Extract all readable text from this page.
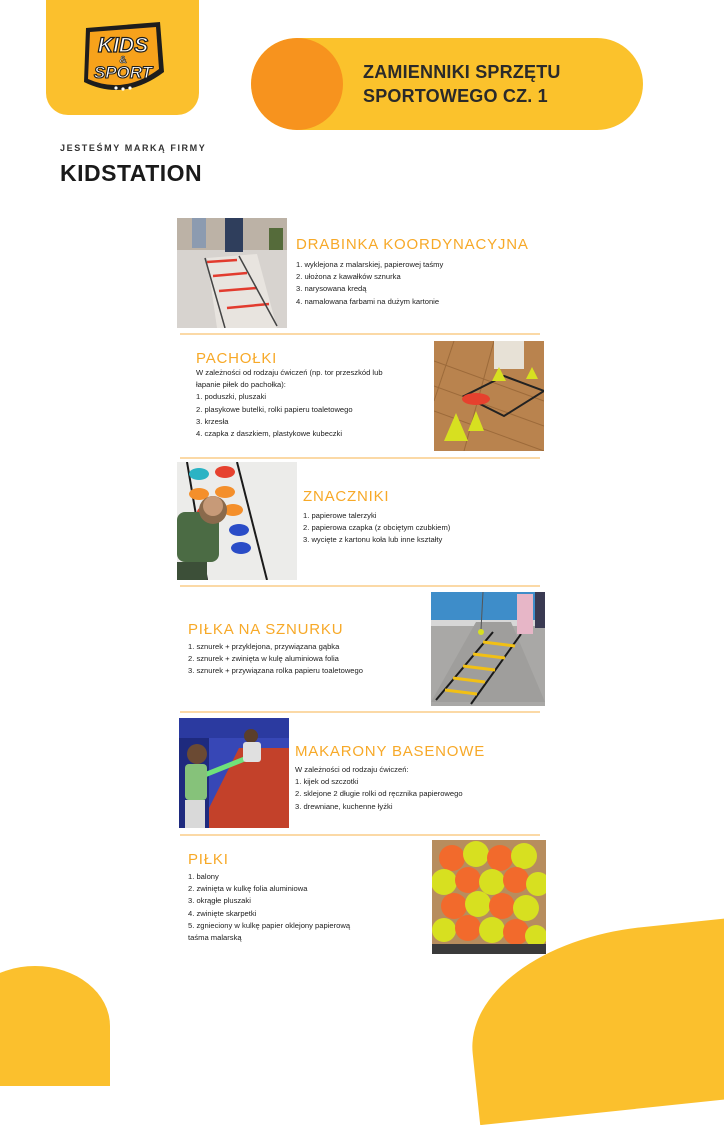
KIDS
&
SPORT	ZAMIENNIKI SPRZĘTU
SPORTOWEGO CZ. 1
JESTEŚMY MARKĄ FIRMY
KIDSTATION
DRABINKA KOORDYNACYJNA
1. wyklejona z malarskiej, papierowej taśmy
2. ułożona z kawałków sznurka
3. narysowana kredą
4. namalowana farbami na dużym kartonie
PACHOŁKI
W zależności od rodzaju ćwiczeń (np. tor przeszkód lub
łapanie piłek do pachołka):
1. poduszki, pluszaki
2. plasykowe butelki, rolki papieru toaletowego
3. krzesła
4. czapka z daszkiem, plastykowe kubeczki
ZNACZNIKI
1. papierowe talerzyki
2. papierowa czapka (z obciętym czubkiem)
3. wycięte z kartonu koła lub inne kształty
PIŁKA NA SZNURKU
1. sznurek + przyklejona, przywiązana gąbka
2. sznurek + zwinięta w kulę aluminiowa folia
3. sznurek + przywiązana rolka papieru toaletowego
MAKARONY BASENOWE
W zależności od rodzaju ćwiczeń:
1. kijek od szczotki
2. sklejone 2 długie rolki od ręcznika papierowego
3. drewniane, kuchenne łyżki
PIŁKI
1. balony
2. zwinięta w kulkę folia aluminiowa
3. okrągłe pluszaki
4. zwinięte skarpetki
5. zgnieciony w kulkę papier oklejony papierową
taśma malarską
